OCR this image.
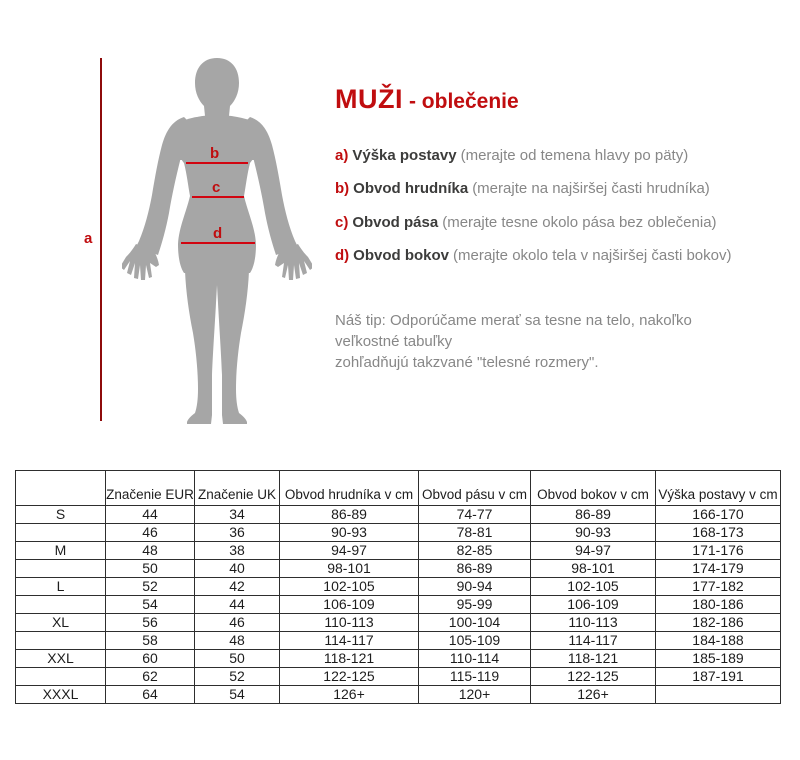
a
b
c
d
MUŽI - oblečenie
a) Výška postavy (merajte od temena hlavy po päty)
b) Obvod hrudníka (merajte na najširšej časti hrudníka)
c) Obvod pása (merajte tesne okolo pása bez oblečenia)
d) Obvod bokov (merajte okolo tela v najširšej časti bokov)
Náš tip: Odporúčame merať sa tesne na telo, nakoľko veľkostné tabuľky
zohľadňujú takzvané "telesné rozmery".
	Značenie EUR	Značenie UK	Obvod hrudníka v cm	Obvod pásu v cm	Obvod bokov v cm	Výška postavy v cm
S	44	34	86-89	74-77	86-89	166-170
	46	36	90-93	78-81	90-93	168-173
M	48	38	94-97	82-85	94-97	171-176
	50	40	98-101	86-89	98-101	174-179
L	52	42	102-105	90-94	102-105	177-182
	54	44	106-109	95-99	106-109	180-186
XL	56	46	110-113	100-104	110-113	182-186
	58	48	114-117	105-109	114-117	184-188
XXL	60	50	118-121	110-114	118-121	185-189
	62	52	122-125	115-119	122-125	187-191
XXXL	64	54	126+	120+	126+	
